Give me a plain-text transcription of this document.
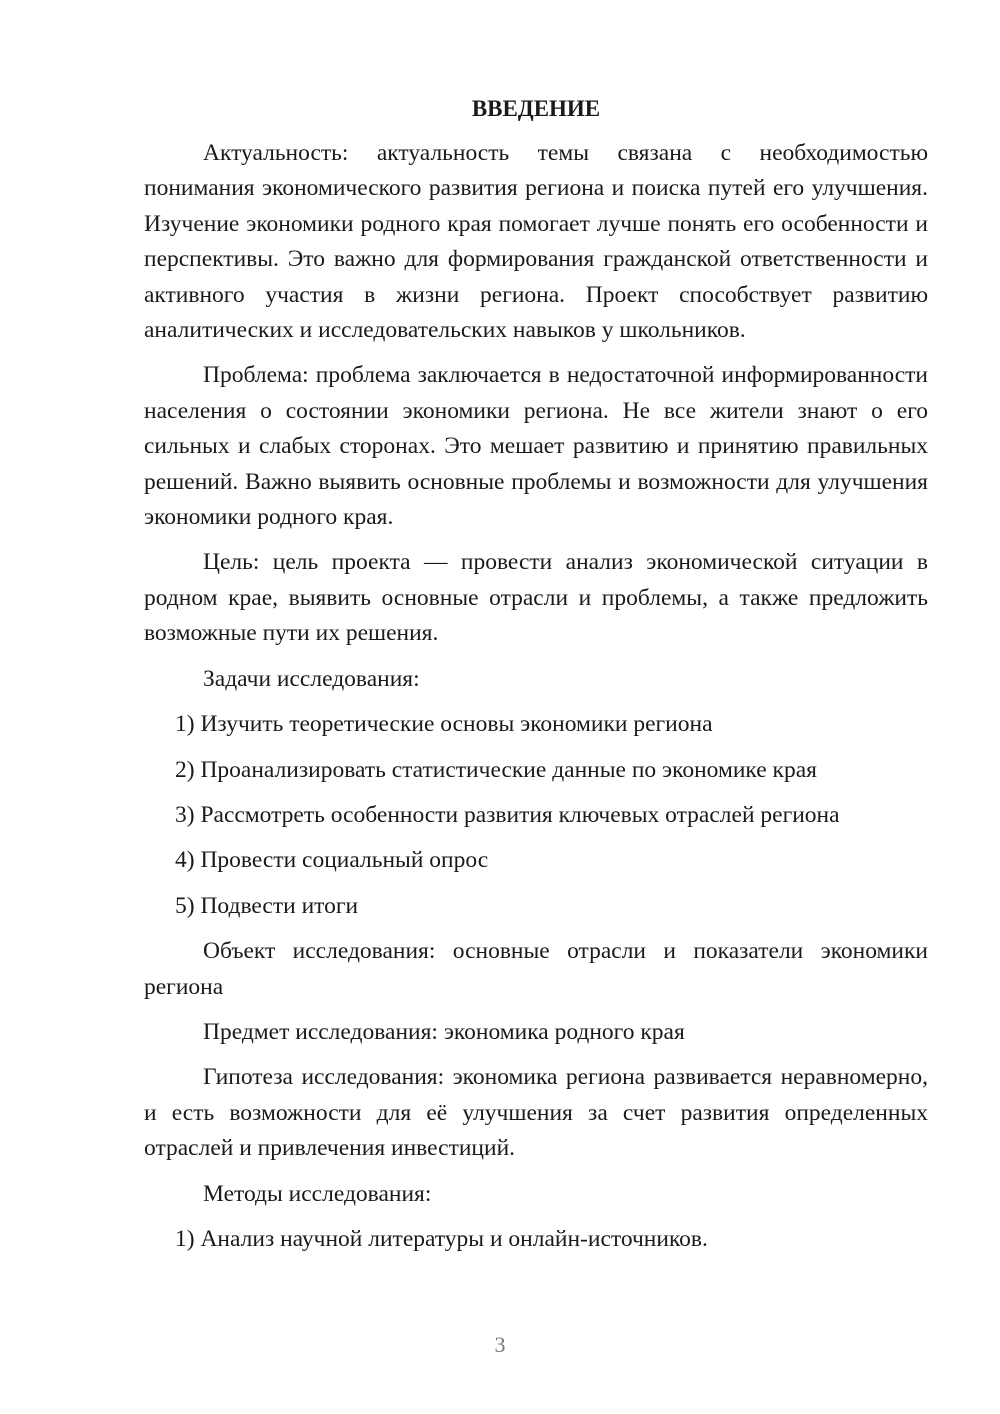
ВВЕДЕНИЕ

Актуальность: актуальность темы связана с необходимостью понимания экономического развития региона и поиска путей его улучшения. Изучение экономики родного края помогает лучше понять его особенности и перспективы. Это важно для формирования гражданской ответственности и активного участия в жизни региона. Проект способствует развитию аналитических и исследовательских навыков у школьников.

Проблема: проблема заключается в недостаточной информированности населения о состоянии экономики региона. Не все жители знают о его сильных и слабых сторонах. Это мешает развитию и принятию правильных решений. Важно выявить основные проблемы и возможности для улучшения экономики родного края.

Цель: цель проекта — провести анализ экономической ситуации в родном крае, выявить основные отрасли и проблемы, а также предложить возможные пути их решения.

Задачи исследования:
1) Изучить теоретические основы экономики региона
2) Проанализировать статистические данные по экономике края
3) Рассмотреть особенности развития ключевых отраслей региона
4) Провести социальный опрос
5) Подвести итоги

Объект исследования: основные отрасли и показатели экономики региона

Предмет исследования: экономика родного края

Гипотеза исследования: экономика региона развивается неравномерно, и есть возможности для её улучшения за счет развития определенных отраслей и привлечения инвестиций.

Методы исследования:
1) Анализ научной литературы и онлайн-источников.
3
